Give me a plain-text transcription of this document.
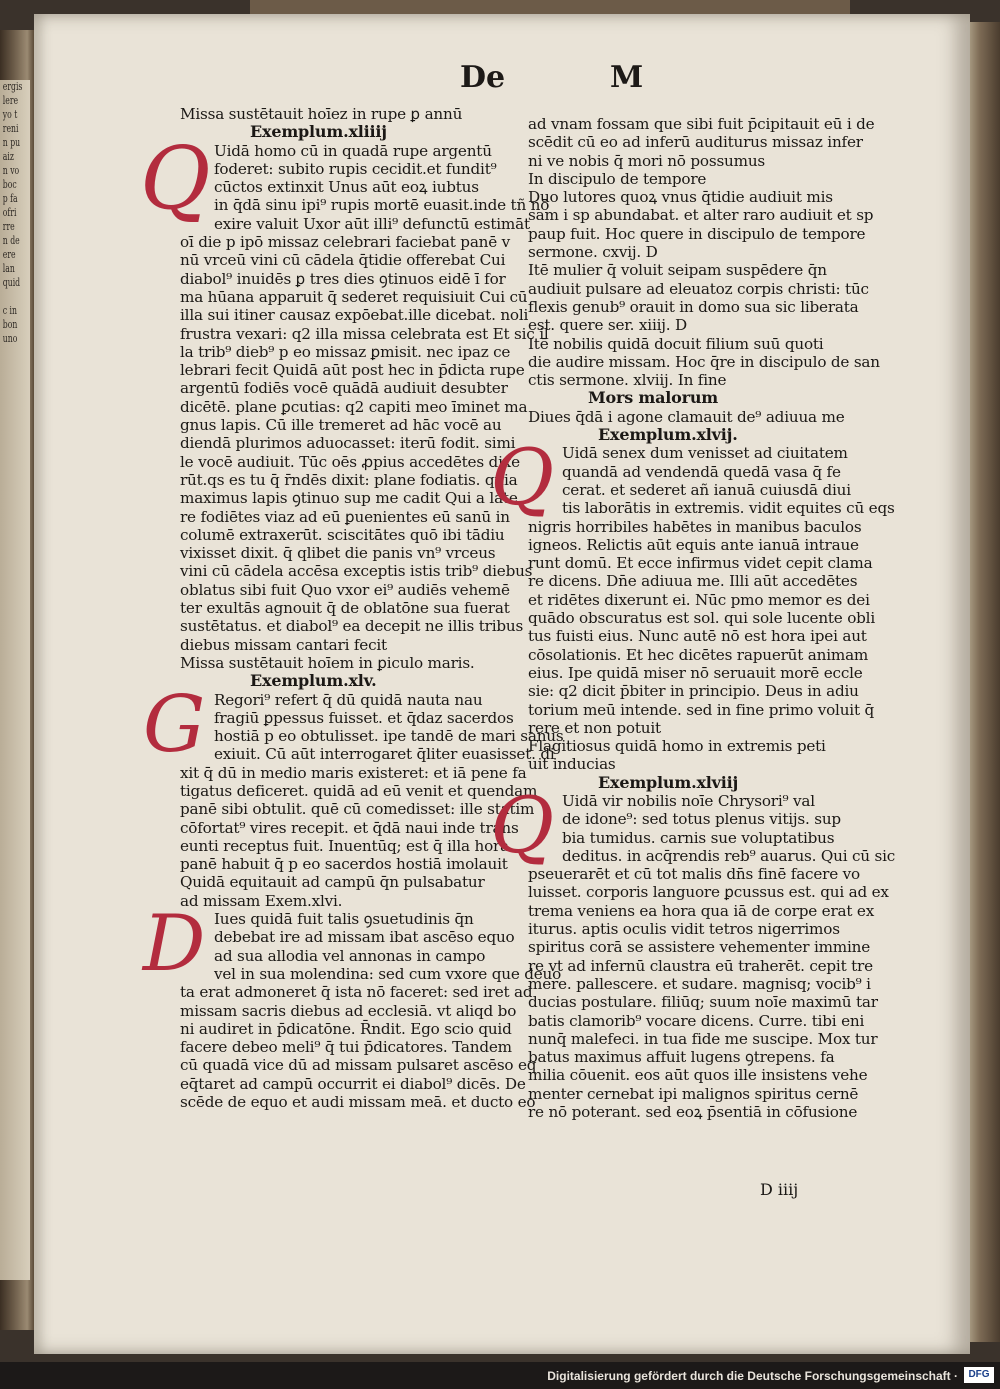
ergis
lere
yo t
reni
n pu
aiz
n vo
boc
p fa
ofri
rre
n de
ere
lan
quid

c in
bon
uno
De	M
Missa sustētauit hoīez in rupe ꝑ annū
Exemplum.xliiij
Q Uidā homo cū in quadā rupe argentū
foderet: subito rupis cecidit.et fundit⁹
cūctos extinxit Unus aūt eoꝝ iubtus
in q̄dā sinu ipi⁹ rupis mortē euasit.inde tñ nō
exire valuit Uxor aūt illi⁹ defunctū estimāt
oī die p ipō missaz celebrari faciebat panē v
nū vrceū vini cū cādela q̄tidie offerebat Cui
diabol⁹ inuidēs ꝑ tres dies ꝯtinuos eidē ī for
ma hūana apparuit q̄ sederet requisiuit Cui cū
illa sui itiner causaz expōebat.ille dicebat. noli
frustra vexari: q2 illa missa celebrata est Et sic il
la trib⁹ dieb⁹ p eo missaz ꝑmisit. nec ipaz ce
lebrari fecit Quidā aūt post hec in p̄dicta rupe
argentū fodiēs vocē quādā audiuit desubter
dicētē. plane ꝑcutias: q2 capiti meo īminet ma
gnus lapis. Cū ille tremeret ad hāc vocē au
diendā plurimos aduocasset: iterū fodit. simi
le vocē audiuit. Tūc oēs ꝓpius accedētes dixe
rūt.qs es tu q̄ r̄ndēs dixit: plane fodiatis. quia
maximus lapis ꝯtinuo sup me cadit Qui a late
re fodiētes viaz ad eū ꝑuenientes eū sanū in
columē extraxerūt. sciscitātes quō ibi tādiu
vixisset dixit. q̄ qlibet die panis vn⁹ vrceus
vini cū cādela accēsa exceptis istis trib⁹ diebus
oblatus sibi fuit Quo vxor ei⁹ audiēs vehemē
ter exultās agnouit q̄ de oblatōne sua fuerat
sustētatus. et diabol⁹ ea decepit ne illis tribus
diebus missam cantari fecit
Missa sustētauit hoīem in ꝑiculo maris.
Exemplum.xlv.
G Regori⁹ refert q̄ dū quidā nauta nau
fragiū ꝑpessus fuisset. et q̄daz sacerdos
hostiā p eo obtulisset. ipe tandē de mari sanus
exiuit. Cū aūt interrogaret q̄liter euasisset. di
xit q̄ dū in medio maris existeret: et iā pene fa
tigatus deficeret. quidā ad eū venit et quendam
panē sibi obtulit. quē cū comedisset: ille statim
cōfortat⁹ vires recepit. et q̄dā naui inde trans
eunti receptus fuit. Inuentūq; est q̄ illa hora
panē habuit q̄ p eo sacerdos hostiā imolauit
Quidā equitauit ad campū q̄n pulsabatur
ad missam Exem.xlvi.
D Iues quidā fuit talis ꝯsuetudinis q̄n
debebat ire ad missam ibat ascēso equo
ad sua allodia vel annonas in campo
vel in sua molendina: sed cum vxore que deuo
ta erat admoneret q̄ ista nō faceret: sed iret ad
missam sacris diebus ad ecclesiā. vt aliqd bo
ni audiret in p̄dicatōne. R̄ndit. Ego scio quid
facere debeo meli⁹ q̄ tui p̄dicatores. Tandem
cū quadā vice dū ad missam pulsaret ascēso eq
eq̄taret ad campū occurrit ei diabol⁹ dicēs. De
scēde de equo et audi missam meā. et ducto eo
ad vnam fossam que sibi fuit p̄cipitauit eū i de
scēdit cū eo ad inferū auditurus missaz infer
ni ve nobis q̄ mori nō possumus
In discipulo de tempore
Duo lutores quoꝝ vnus q̄tidie audiuit mis
sam i sp abundabat. et alter raro audiuit et sp
paup fuit. Hoc quere in discipulo de tempore
sermone. cxvij. D
Itē mulier q̄ voluit seipam suspēdere q̄n
audiuit pulsare ad eleuatoz corpis christi: tūc
flexis genub⁹ orauit in domo sua sic liberata
est. quere ser. xiiij. D
Itē nobilis quidā docuit filium suū quoti
die audire missam. Hoc q̄re in discipulo de san
ctis sermone. xlviij. In fine
Mors malorum
Diues q̄dā i agone clamauit de⁹ adiuua me
Exemplum.xlvij.
Q Uidā senex dum venisset ad ciuitatem
quandā ad vendendā quedā vasa q̄ fe
cerat. et sederet añ ianuā cuiusdā diui
tis laborātis in extremis. vidit equites cū eqs
nigris horribiles habētes in manibus baculos
igneos. Relictis aūt equis ante ianuā intraue
runt domū. Et ecce infirmus videt cepit clama
re dicens. Dn̄e adiuua me. Illi aūt accedētes
et ridētes dixerunt ei. Nūc pmo memor es dei
quādo obscuratus est sol. qui sole lucente obli
tus fuisti eius. Nunc autē nō est hora ipei aut
cōsolationis. Et hec dicētes rapuerūt animam
eius. Ipe quidā miser nō seruauit morē eccle
sie: q2 dicit p̄biter in principio. Deus in adiu
torium meū intende. sed in fine primo voluit q̄
rere et non potuit
Flagitiosus quidā homo in extremis peti
uit inducias
Exemplum.xlviij
Q Uidā vir nobilis noīe Chrysori⁹ val
de idone⁹: sed totus plenus vitijs. sup
bia tumidus. carnis sue voluptatibus
deditus. in acq̄rendis reb⁹ auarus. Qui cū sic
pseuerarēt et cū tot malis dn̄s finē facere vo
luisset. corporis languore ꝑcussus est. qui ad ex
trema veniens ea hora qua iā de corpe erat ex
iturus. aptis oculis vidit tetros nigerrimos
spiritus corā se assistere vehementer immine
re vt ad infernū claustra eū traherēt. cepit tre
mere. pallescere. et sudare. magnisq; vocib⁹ i
ducias postulare. filiūq; suum noīe maximū tar
batis clamorib⁹ vocare dicens. Curre. tibi eni
nunq̄ malefeci. in tua fide me suscipe. Mox tur
batus maximus affuit lugens ꝯtrepens. fa
milia cōuenit. eos aūt quos ille insistens vehe
menter cernebat ipi malignos spiritus cernē
re nō poterant. sed eoꝝ p̄sentiā in cōfusione
D iiij
Digitalisierung gefördert durch die Deutsche Forschungsgemeinschaft ·	DFG
